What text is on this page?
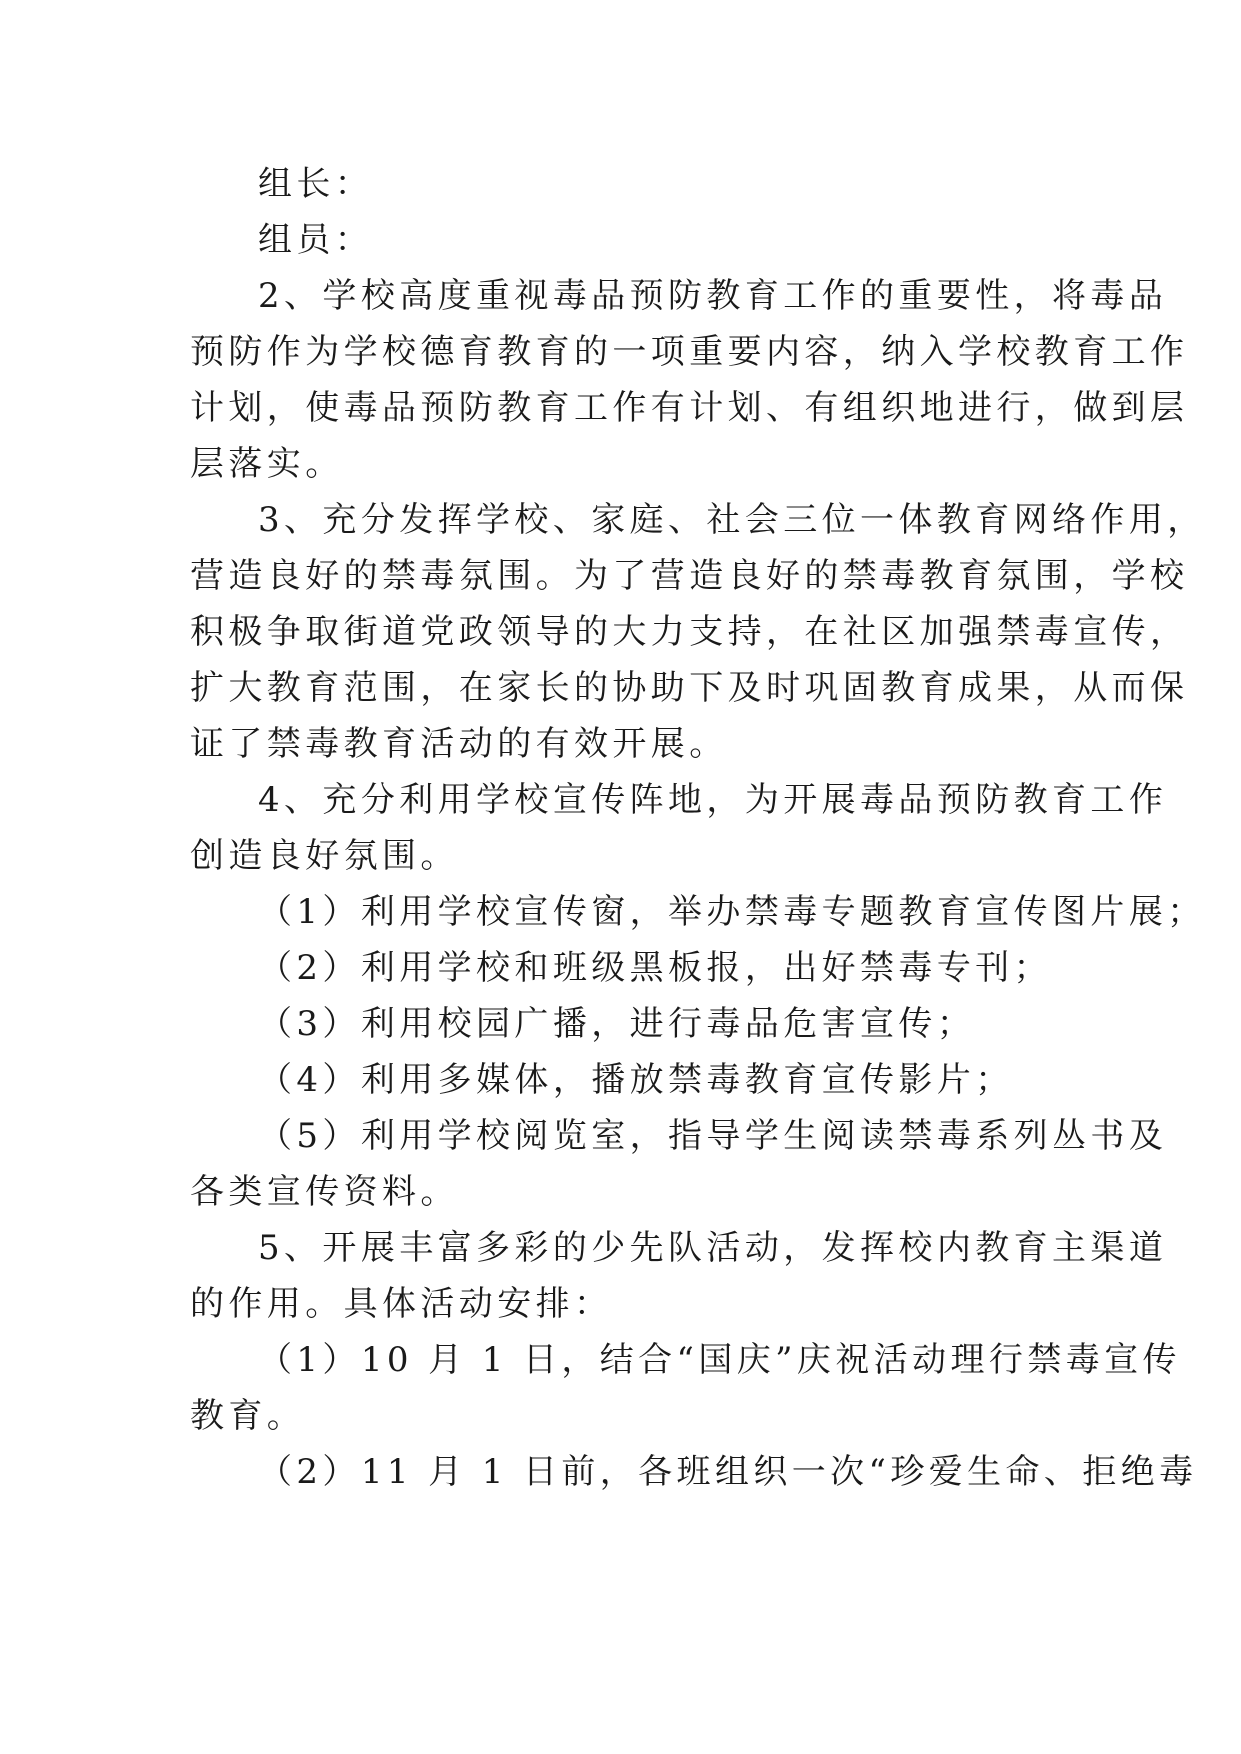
组长：
组员：
2、学校高度重视毒品预防教育工作的重要性，将毒品
预防作为学校德育教育的一项重要内容，纳入学校教育工作
计划，使毒品预防教育工作有计划、有组织地进行，做到层
层落实。
3、充分发挥学校、家庭、社会三位一体教育网络作用，
营造良好的禁毒氛围。为了营造良好的禁毒教育氛围，学校
积极争取街道党政领导的大力支持，在社区加强禁毒宣传，
扩大教育范围，在家长的协助下及时巩固教育成果，从而保
证了禁毒教育活动的有效开展。
4、充分利用学校宣传阵地，为开展毒品预防教育工作
创造良好氛围。
（1）利用学校宣传窗，举办禁毒专题教育宣传图片展；
（2）利用学校和班级黑板报，出好禁毒专刊；
（3）利用校园广播，进行毒品危害宣传；
（4）利用多媒体，播放禁毒教育宣传影片；
（5）利用学校阅览室，指导学生阅读禁毒系列丛书及
各类宣传资料。
5、开展丰富多彩的少先队活动，发挥校内教育主渠道
的作用。具体活动安排：
（1）10 月 1 日，结合“国庆”庆祝活动理行禁毒宣传
教育。
（2）11 月 1 日前，各班组织一次“珍爱生命、拒绝毒
